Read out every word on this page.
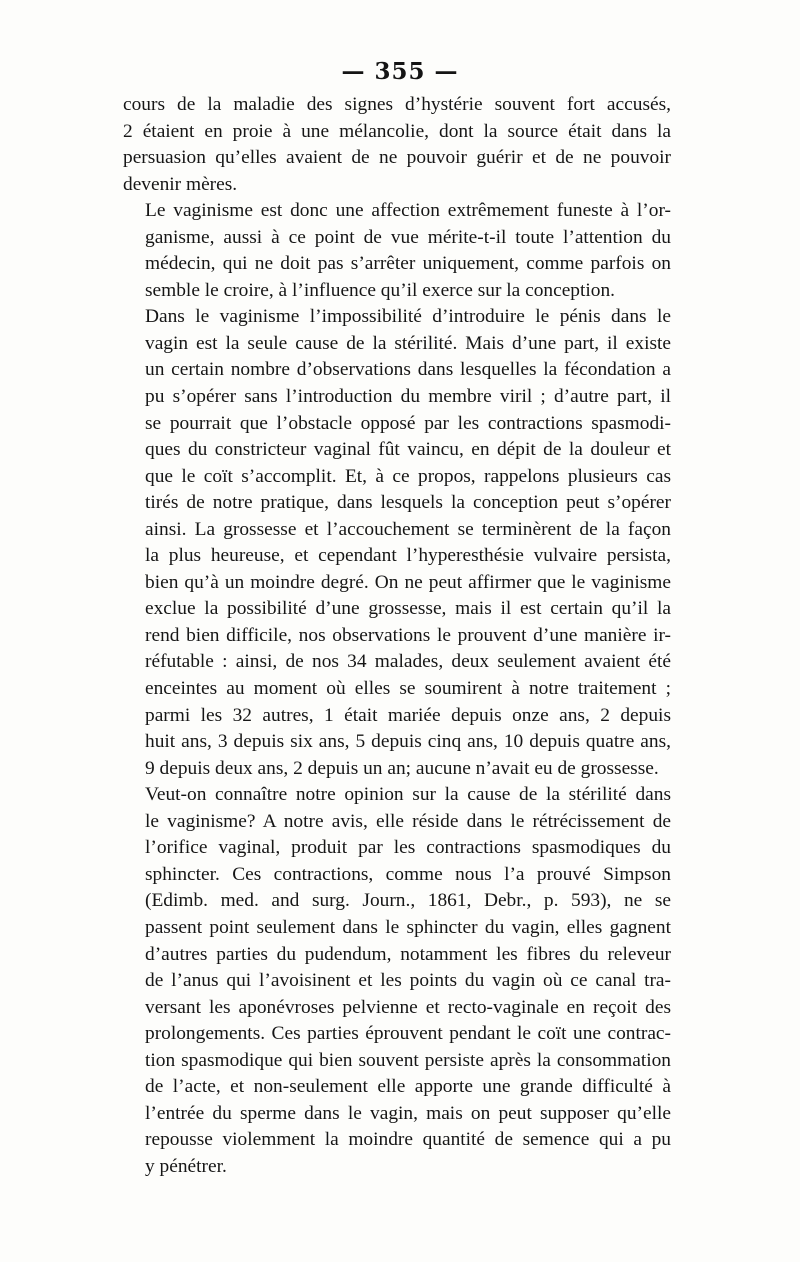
— 355 —

cours de la maladie des signes d’hystérie souvent fort accusés,
2 étaient en proie à une mélancolie, dont la source était dans la
persuasion qu’elles avaient de ne pouvoir guérir et de ne pouvoir
devenir mères.

Le vaginisme est donc une affection extrêmement funeste à l’or-
ganisme, aussi à ce point de vue mérite-t-il toute l’attention du
médecin, qui ne doit pas s’arrêter uniquement, comme parfois on
semble le croire, à l’influence qu’il exerce sur la conception.

Dans le vaginisme l’impossibilité d’introduire le pénis dans le
vagin est la seule cause de la stérilité. Mais d’une part, il existe
un certain nombre d’observations dans lesquelles la fécondation a
pu s’opérer sans l’introduction du membre viril ; d’autre part, il
se pourrait que l’obstacle opposé par les contractions spasmodi-
ques du constricteur vaginal fût vaincu, en dépit de la douleur et
que le coït s’accomplit. Et, à ce propos, rappelons plusieurs cas
tirés de notre pratique, dans lesquels la conception peut s’opérer
ainsi. La grossesse et l’accouchement se terminèrent de la façon
la plus heureuse, et cependant l’hyperesthésie vulvaire persista,
bien qu’à un moindre degré. On ne peut affirmer que le vaginisme
exclue la possibilité d’une grossesse, mais il est certain qu’il la
rend bien difficile, nos observations le prouvent d’une manière ir-
réfutable : ainsi, de nos 34 malades, deux seulement avaient été
enceintes au moment où elles se soumirent à notre traitement ;
parmi les 32 autres, 1 était mariée depuis onze ans, 2 depuis
huit ans, 3 depuis six ans, 5 depuis cinq ans, 10 depuis quatre ans,
9 depuis deux ans, 2 depuis un an; aucune n’avait eu de grossesse.

Veut-on connaître notre opinion sur la cause de la stérilité dans
le vaginisme? A notre avis, elle réside dans le rétrécissement de
l’orifice vaginal, produit par les contractions spasmodiques du
sphincter. Ces contractions, comme nous l’a prouvé Simpson
(Edimb. med. and surg. Journ., 1861, Debr., p. 593), ne se
passent point seulement dans le sphincter du vagin, elles gagnent
d’autres parties du pudendum, notamment les fibres du releveur
de l’anus qui l’avoisinent et les points du vagin où ce canal tra-
versant les aponévroses pelvienne et recto-vaginale en reçoit des
prolongements. Ces parties éprouvent pendant le coït une contrac-
tion spasmodique qui bien souvent persiste après la consommation
de l’acte, et non-seulement elle apporte une grande difficulté à
l’entrée du sperme dans le vagin, mais on peut supposer qu’elle
repousse violemment la moindre quantité de semence qui a pu
y pénétrer.
